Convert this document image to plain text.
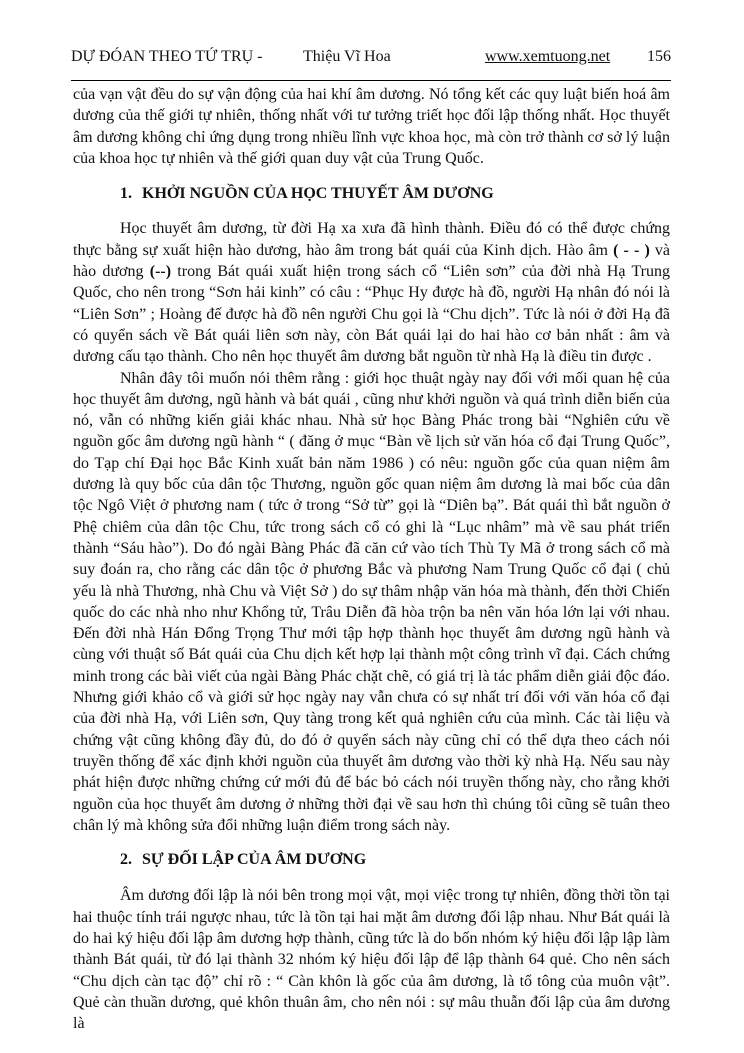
DỰ ĐÓAN THEO TỨ TRỤ -	Thiệu Vĩ Hoa	www.xemtuong.net 156

của vạn vật đều do sự vận động của hai khí âm dương. Nó tổng kết các quy luật biến hoá âm dương của thế giới tự nhiên, thống nhất với tư tưởng triết học đối lập thống nhất. Học thuyết âm dương không chỉ ứng dụng trong nhiều lĩnh vực khoa học, mà còn trở thành cơ sở lý luận của khoa học tự nhiên và thế giới quan duy vật của Trung Quốc.

1. KHỞI NGUỒN CỦA HỌC THUYẾT ÂM DƯƠNG

Học thuyết âm dương, từ đời Hạ xa xưa đã hình thành. Điều đó có thể được chứng thực bằng sự xuất hiện hào dương, hào âm trong bát quái của Kinh dịch. Hào âm ( - - ) và hào dương (--) trong Bát quái xuất hiện trong sách cổ “Liên sơn” của đời nhà Hạ Trung Quốc, cho nên trong “Sơn hải kinh” có câu : “Phục Hy được hà đồ, người Hạ nhân đó nói là “Liên Sơn” ; Hoàng đế được hà đồ nên người Chu gọi là “Chu dịch”. Tức là nói ở đời Hạ đã có quyển sách về Bát quái liên sơn này, còn Bát quái lại do hai hào cơ bản nhất : âm và dương cấu tạo thành. Cho nên học thuyết âm dương bắt nguồn từ nhà Hạ là điều tin được .

Nhân đây tôi muốn nói thêm rằng : giới học thuật ngày nay đối với mối quan hệ của học thuyết âm dương, ngũ hành và bát quái , cũng như khởi nguồn và quá trình diễn biến của nó, vẫn có những kiến giải khác nhau. Nhà sử học Bàng Phác trong bài “Nghiên cứu về nguồn gốc âm dương ngũ hành “ ( đăng ở mục “Bàn về lịch sử văn hóa cổ đại Trung Quốc”, do Tạp chí Đại học Bắc Kinh xuất bản năm 1986 ) có nêu: nguồn gốc của quan niệm âm dương là quy bốc của dân tộc Thương, nguồn gốc quan niệm âm dương là mai bốc của dân tộc Ngô Việt ở phương nam ( tức ở trong “Sở từ” gọi là “Diên bạ”. Bát quái thì bắt nguồn ở Phệ chiêm của dân tộc Chu, tức trong sách cổ có ghi là “Lục nhâm” mà về sau phát triển thành “Sáu hào”). Do đó ngài Bàng Phác đã căn cứ vào tích Thù Ty Mã ở trong sách cổ mà suy đoán ra, cho rằng các dân tộc ở phương Bắc và phương Nam Trung Quốc cổ đại ( chủ yếu là nhà Thương, nhà Chu và Việt Sở ) do sự thâm nhập văn hóa mà thành, đến thời Chiến quốc do các nhà nho như Khổng tử, Trâu Diễn đã hòa trộn ba nên văn hóa lớn lại với nhau. Đến đời nhà Hán Đổng Trọng Thư mới tập hợp thành học thuyết âm dương ngũ hành và cùng với thuật số Bát quái của Chu dịch kết hợp lại thành một công trình vĩ đại. Cách chứng minh trong các bài viết của ngài Bàng Phác chặt chẽ, có giá trị là tác phẩm diễn giải độc đáo. Nhưng giới khảo cổ và giới sử học ngày nay vẫn chưa có sự nhất trí đối với văn hóa cổ đại của đời nhà Hạ, với Liên sơn, Quy tàng trong kết quả nghiên cứu của mình. Các tài liệu và chứng vật cũng không đầy đủ, do đó ở quyển sách này cũng chỉ có thể dựa theo cách nói truyền thống để xác định khởi nguồn của thuyết âm dương vào thời kỳ nhà Hạ. Nếu sau này phát hiện được những chứng cứ mới đủ để bác bỏ cách nói truyền thống này, cho rằng khởi nguồn của học thuyết âm dương ở những thời đại về sau hơn thì chúng tôi cũng sẽ tuân theo chân lý mà không sửa đổi những luận điểm trong sách này.

2. SỰ ĐỐI LẬP CỦA ÂM DƯƠNG

Âm dương đối lập là nói bên trong mọi vật, mọi việc trong tự nhiên, đồng thời tồn tại hai thuộc tính trái ngược nhau, tức là tồn tại hai mặt âm dương đối lập nhau. Như Bát quái là do hai ký hiệu đối lập âm dương hợp thành, cũng tức là do bốn nhóm ký hiệu đối lập lập làm thành Bát quái, từ đó lại thành 32 nhóm ký hiệu đối lập để lập thành 64 quẻ. Cho nên sách “Chu dịch càn tạc độ” chỉ rõ : “ Càn khôn là gốc của âm dương, là tổ tông của muôn vật”. Quẻ càn thuần dương, quẻ khôn thuân âm, cho nên nói : sự mâu thuẫn đối lập của âm dương là
